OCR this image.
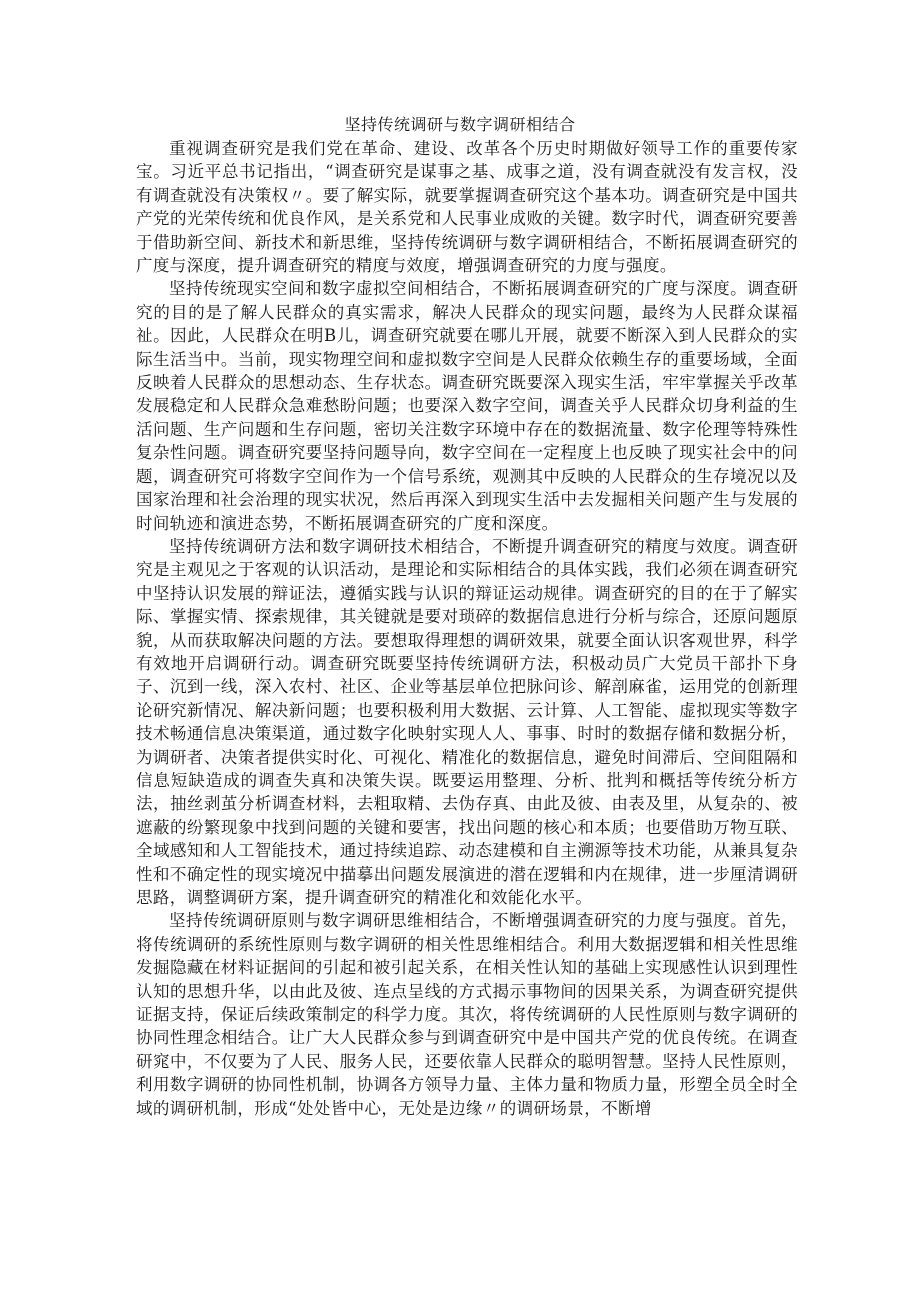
坚持传统调研与数字调研相结合

重视调查研究是我们党在革命、建设、改革各个历史时期做好领导工作的重要传家宝。习近平总书记指出，“调查研究是谋事之基、成事之道，没有调查就没有发言权，没有调查就没有决策权〃。要了解实际，就要掌握调查研究这个基本功。调查研究是中国共产党的光荣传统和优良作风，是关系党和人民事业成败的关键。数字时代，调查研究要善于借助新空间、新技术和新思维，坚持传统调研与数字调研相结合，不断拓展调查研究的广度与深度，提升调查研究的精度与效度，增强调查研究的力度与强度。

坚持传统现实空间和数字虚拟空间相结合，不断拓展调查研究的广度与深度。调查研究的目的是了解人民群众的真实需求，解决人民群众的现实问题，最终为人民群众谋福祉。因此，人民群众在明B儿，调查研究就要在哪儿开展，就要不断深入到人民群众的实际生活当中。当前，现实物理空间和虚拟数字空间是人民群众依赖生存的重要场域，全面反映着人民群众的思想动态、生存状态。调查研究既要深入现实生活，牢牢掌握关乎改革发展稳定和人民群众急难愁盼问题；也要深入数字空间，调查关乎人民群众切身利益的生活问题、生产问题和生存问题，密切关注数字环境中存在的数据流量、数字伦理等特殊性复杂性问题。调查研究要坚持问题导向，数字空间在一定程度上也反映了现实社会中的问题，调查研究可将数字空间作为一个信号系统，观测其中反映的人民群众的生存境况以及国家治理和社会治理的现实状况，然后再深入到现实生活中去发掘相关问题产生与发展的时间轨迹和演进态势，不断拓展调查研究的广度和深度。

坚持传统调研方法和数字调研技术相结合，不断提升调查研究的精度与效度。调查研究是主观见之于客观的认识活动，是理论和实际相结合的具体实践，我们必须在调查研究中坚持认识发展的辩证法，遵循实践与认识的辩证运动规律。调查研究的目的在于了解实际、掌握实情、探索规律，其关键就是要对琐碎的数据信息进行分析与综合，还原问题原貌，从而获取解决问题的方法。要想取得理想的调研效果，就要全面认识客观世界，科学有效地开启调研行动。调查研究既要坚持传统调研方法，积极动员广大党员干部扑下身子、沉到一线，深入农村、社区、企业等基层单位把脉问诊、解剖麻雀，运用党的创新理论研究新情况、解决新问题；也要积极利用大数据、云计算、人工智能、虚拟现实等数字技术畅通信息决策渠道，通过数字化映射实现人人、事事、时时的数据存储和数据分析，为调研者、决策者提供实时化、可视化、精准化的数据信息，避免时间滞后、空间阻隔和信息短缺造成的调查失真和决策失误。既要运用整理、分析、批判和概括等传统分析方法，抽丝剥茧分析调查材料，去粗取精、去伪存真、由此及彼、由表及里，从复杂的、被遮蔽的纷繁现象中找到问题的关键和要害，找出问题的核心和本质；也要借助万物互联、全域感知和人工智能技术，通过持续追踪、动态建模和自主溯源等技术功能，从兼具复杂性和不确定性的现实境况中描摹出问题发展演进的潜在逻辑和内在规律，进一步厘清调研思路，调整调研方案，提升调查研究的精准化和效能化水平。

坚持传统调研原则与数字调研思维相结合，不断增强调查研究的力度与强度。首先，将传统调研的系统性原则与数字调研的相关性思维相结合。利用大数据逻辑和相关性思维发掘隐藏在材料证据间的引起和被引起关系，在相关性认知的基础上实现感性认识到理性认知的思想升华，以由此及彼、连点呈线的方式揭示事物间的因果关系，为调查研究提供证据支持，保证后续政策制定的科学力度。其次，将传统调研的人民性原则与数字调研的协同性理念相结合。让广大人民群众参与到调查研究中是中国共产党的优良传统。在调查研窕中，不仅要为了人民、服务人民，还要依靠人民群众的聪明智慧。坚持人民性原则，利用数字调研的协同性机制，协调各方领导力量、主体力量和物质力量，形塑全员全时全域的调研机制，形成“处处皆中心，无处是边缘〃的调研场景，不断增
